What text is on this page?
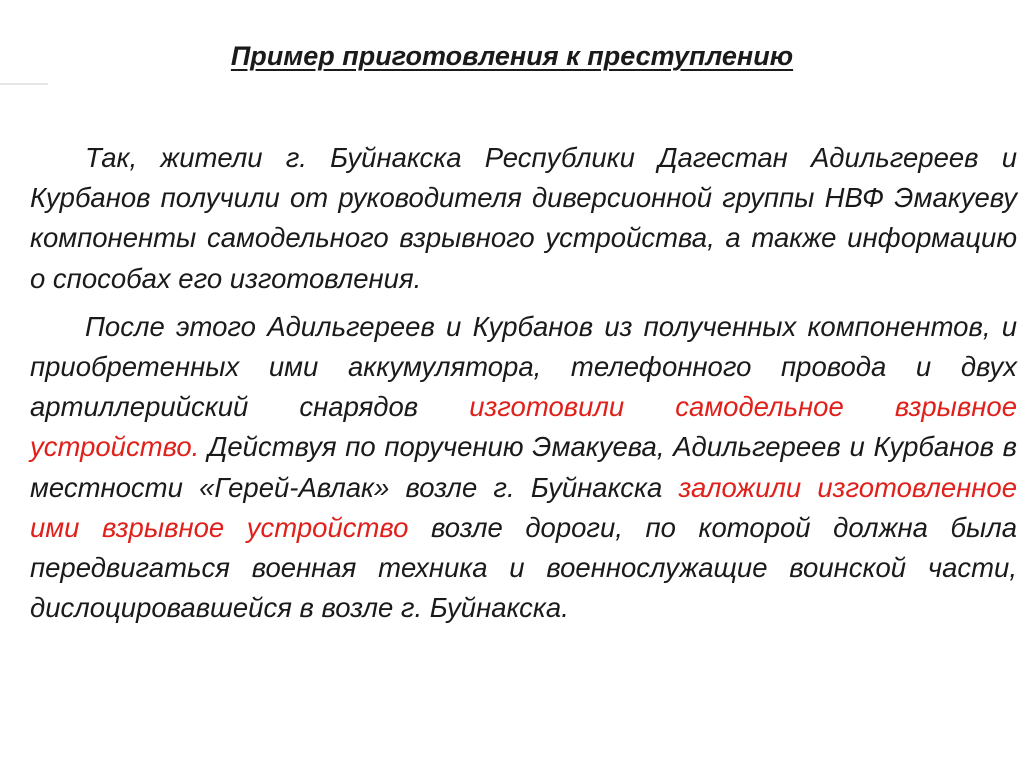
Пример приготовления к преступлению

Так, жители г. Буйнакска Республики Дагестан Адильгерeев и Курбанов получили от руководителя диверсионной группы НВФ Эмакуеву компоненты самодельного взрывного устройства, а также информацию о способах его изготовления.

После этого Адильгерeев и Курбанов из полученных компонентов, и приобретенных ими аккумулятора, телефонного провода и двух артиллерийский снарядов изготовили самодельное взрывное устройство. Действуя по поручению Эмакуева, Адильгерeев и Курбанов в местности «Герей-Авлак» возле г. Буйнакска заложили изготовленное ими взрывное устройство возле дороги, по которой должна была передвигаться военная техника и военнослужащие воинской части, дислоцировавшейся в возле г. Буйнакска.
